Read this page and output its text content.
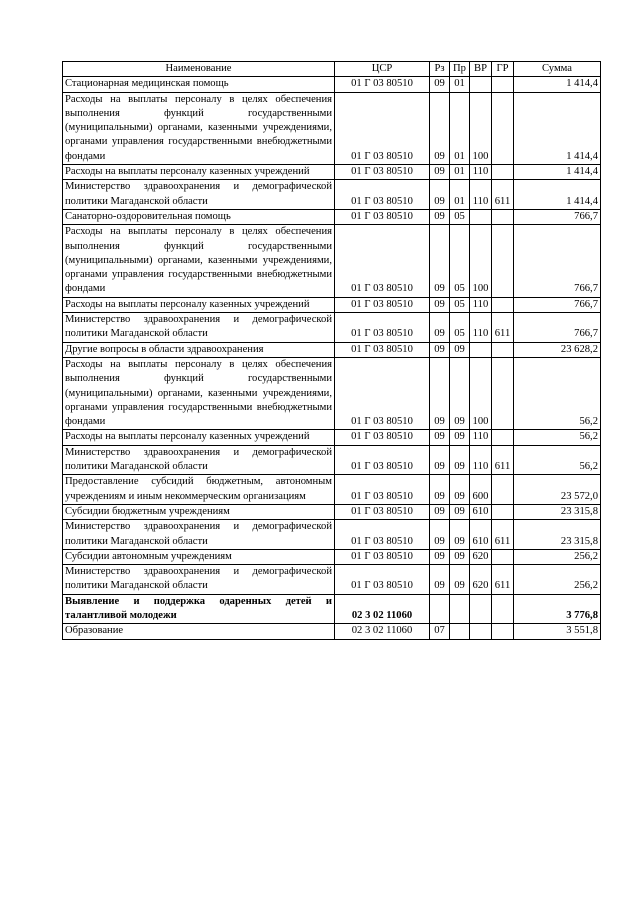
Наименование	ЦСР	Рз	Пр	ВР	ГР	Сумма
Стационарная медицинская помощь	01 Г 03 80510	09	01			1 414,4
Расходы на выплаты персоналу в целях обеспечения выполнения функций государственными (муниципальными) органами, казенными учреждениями, органами управления государственными внебюджетными фондами	01 Г 03 80510	09	01	100		1 414,4
Расходы на выплаты персоналу казенных учреждений	01 Г 03 80510	09	01	110		1 414,4
Министерство здравоохранения и демографической политики Магаданской области	01 Г 03 80510	09	01	110	611	1 414,4
Санаторно-оздоровительная помощь	01 Г 03 80510	09	05			766,7
Расходы на выплаты персоналу в целях обеспечения выполнения функций государственными (муниципальными) органами, казенными учреждениями, органами управления государственными внебюджетными фондами	01 Г 03 80510	09	05	100		766,7
Расходы на выплаты персоналу казенных учреждений	01 Г 03 80510	09	05	110		766,7
Министерство здравоохранения и демографической политики Магаданской области	01 Г 03 80510	09	05	110	611	766,7
Другие вопросы в области здравоохранения	01 Г 03 80510	09	09			23 628,2
Расходы на выплаты персоналу в целях обеспечения выполнения функций государственными (муниципальными) органами, казенными учреждениями, органами управления государственными внебюджетными фондами	01 Г 03 80510	09	09	100		56,2
Расходы на выплаты персоналу казенных учреждений	01 Г 03 80510	09	09	110		56,2
Министерство здравоохранения и демографической политики Магаданской области	01 Г 03 80510	09	09	110	611	56,2
Предоставление субсидий бюджетным, автономным учреждениям и иным некоммерческим организациям	01 Г 03 80510	09	09	600		23 572,0
Субсидии бюджетным учреждениям	01 Г 03 80510	09	09	610		23 315,8
Министерство здравоохранения и демографической политики Магаданской области	01 Г 03 80510	09	09	610	611	23 315,8
Субсидии автономным учреждениям	01 Г 03 80510	09	09	620		256,2
Министерство здравоохранения и демографической политики Магаданской области	01 Г 03 80510	09	09	620	611	256,2
Выявление и поддержка одаренных детей и талантливой молодежи	02 3 02 11060					3 776,8
Образование	02 3 02 11060	07				3 551,8
